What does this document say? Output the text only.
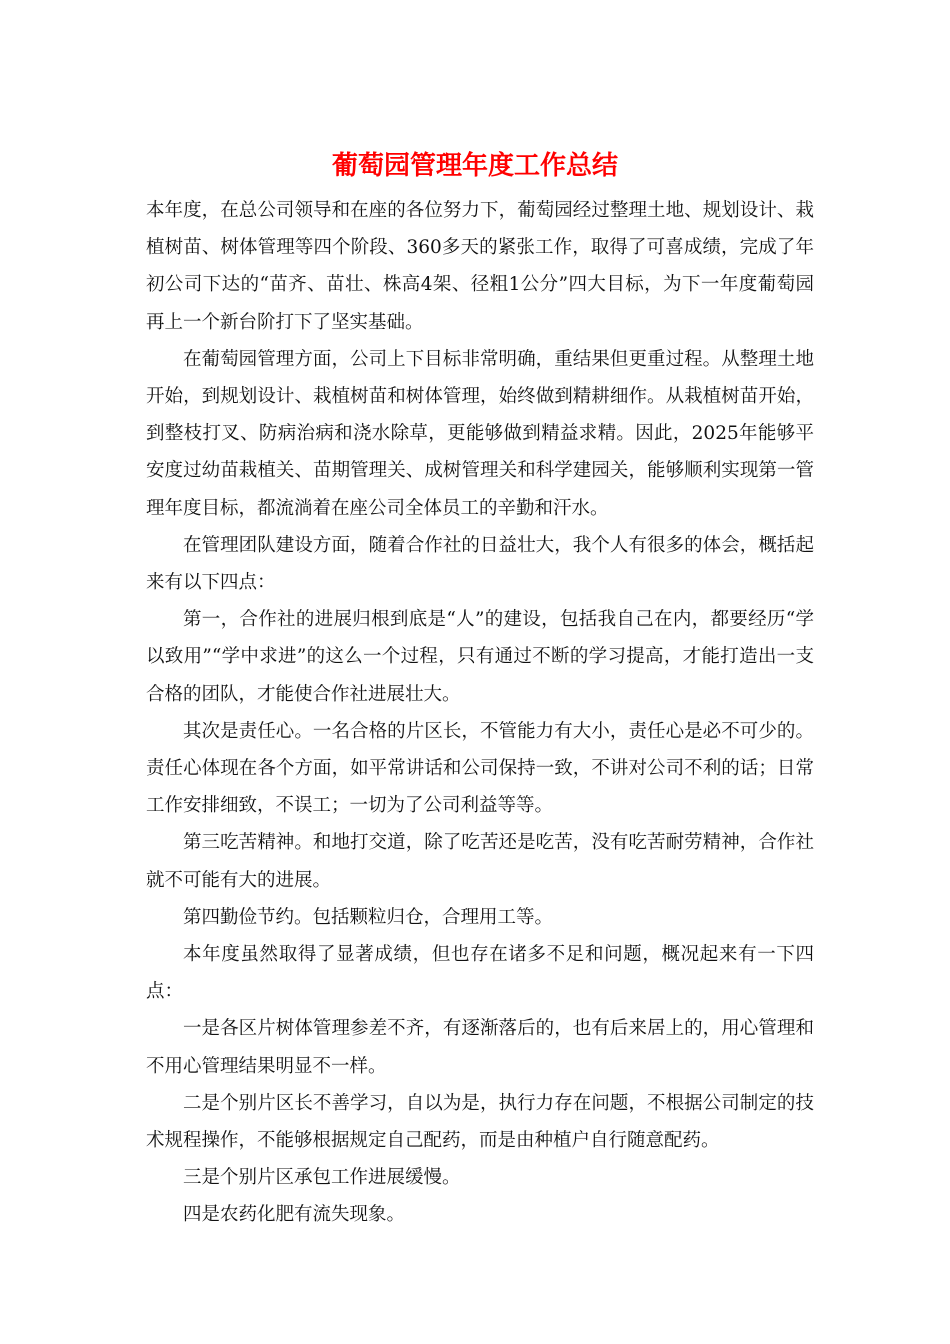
葡萄园管理年度工作总结

本年度，在总公司领导和在座的各位努力下，葡萄园经过整理土地、规划设计、栽植树苗、树体管理等四个阶段、360多天的紧张工作，取得了可喜成绩，完成了年初公司下达的“苗齐、苗壮、株高4架、径粗1公分”四大目标，为下一年度葡萄园再上一个新台阶打下了坚实基础。

在葡萄园管理方面，公司上下目标非常明确，重结果但更重过程。从整理土地开始，到规划设计、栽植树苗和树体管理，始终做到精耕细作。从栽植树苗开始，到整枝打叉、防病治病和浇水除草，更能够做到精益求精。因此，2025年能够平安度过幼苗栽植关、苗期管理关、成树管理关和科学建园关，能够顺利实现第一管理年度目标，都流淌着在座公司全体员工的辛勤和汗水。

在管理团队建设方面，随着合作社的日益壮大，我个人有很多的体会，概括起来有以下四点：

第一，合作社的进展归根到底是“人”的建设，包括我自己在内，都要经历“学以致用”“学中求进”的这么一个过程，只有通过不断的学习提高，才能打造出一支合格的团队，才能使合作社进展壮大。

其次是责任心。一名合格的片区长，不管能力有大小，责任心是必不可少的。责任心体现在各个方面，如平常讲话和公司保持一致，不讲对公司不利的话；日常工作安排细致，不误工；一切为了公司利益等等。

第三吃苦精神。和地打交道，除了吃苦还是吃苦，没有吃苦耐劳精神，合作社就不可能有大的进展。

第四勤俭节约。包括颗粒归仓，合理用工等。

本年度虽然取得了显著成绩，但也存在诸多不足和问题，概况起来有一下四点：

一是各区片树体管理参差不齐，有逐渐落后的，也有后来居上的，用心管理和不用心管理结果明显不一样。

二是个别片区长不善学习，自以为是，执行力存在问题，不根据公司制定的技术规程操作，不能够根据规定自己配药，而是由种植户自行随意配药。

三是个别片区承包工作进展缓慢。

四是农药化肥有流失现象。
